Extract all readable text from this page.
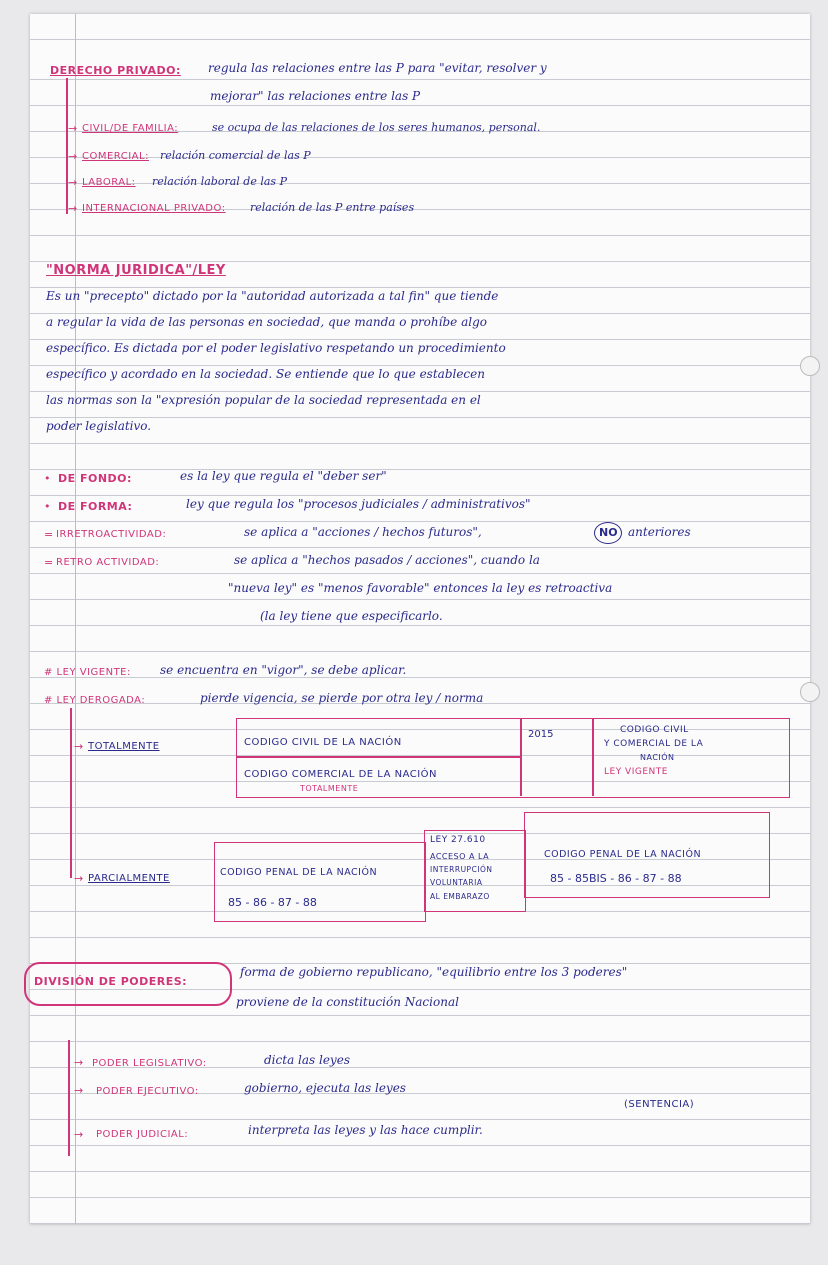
DERECHO PRIVADO: regula las relaciones entre las P para "evitar, resolver y
mejorar" las relaciones entre las P
→ CIVIL/DE FAMILIA:	se ocupa de las relaciones de los seres humanos, personal.
→ COMERCIAL: relación comercial de las P
→ LABORAL: relación laboral de las P
→ INTERNACIONAL PRIVADO: relación de las P entre países
"NORMA JURIDICA"/LEY
Es un "precepto" dictado por la "autoridad autorizada a tal fin" que tiende
a regular la vida de las personas en sociedad, que manda o prohíbe algo
específico. Es dictada por el poder legislativo respetando un procedimiento
específico y acordado en la sociedad. Se entiende que lo que establecen
las normas son la "expresión popular de la sociedad representada en el
poder legislativo.
• DE FONDO:	es la ley que regula el "deber ser"
• DE FORMA:	ley que regula los "procesos judiciales / administrativos"
= IRRETROACTIVIDAD:	se aplica a "acciones / hechos futuros",	NO anteriores
= RETRO ACTIVIDAD:	se aplica a "hechos pasados / acciones", cuando la
"nueva ley" es "menos favorable" entonces la ley es retroactiva
(la ley tiene que especificarlo.
# LEY VIGENTE: se encuentra en "vigor", se debe aplicar.
# LEY DEROGADA:	pierde vigencia, se pierde por otra ley / norma
→ TOTALMENTE	CODIGO CIVIL DE LA NACIÓN
CODIGO COMERCIAL DE LA NACIÓN
TOTALMENTE
2015	CODIGO CIVIL
Y COMERCIAL DE LA
NACIÓN
LEY VIGENTE
→ PARCIALMENTE
CODIGO PENAL DE LA NACIÓN
85 - 86 - 87 - 88
LEY 27.610
ACCESO A LA
INTERRUPCIÓN
VOLUNTARIA
AL EMBARAZO
CODIGO PENAL DE LA NACIÓN
85 - 85BIS - 86 - 87 - 88
DIVISIÓN DE PODERES:
forma de gobierno republicano, "equilibrio entre los 3 poderes"
proviene de la constitución Nacional
→ PODER LEGISLATIVO:	dicta las leyes
→ PODER EJECUTIVO:	gobierno, ejecuta las leyes
→ PODER JUDICIAL:	interpreta las leyes y las hace cumplir.
(SENTENCIA)
